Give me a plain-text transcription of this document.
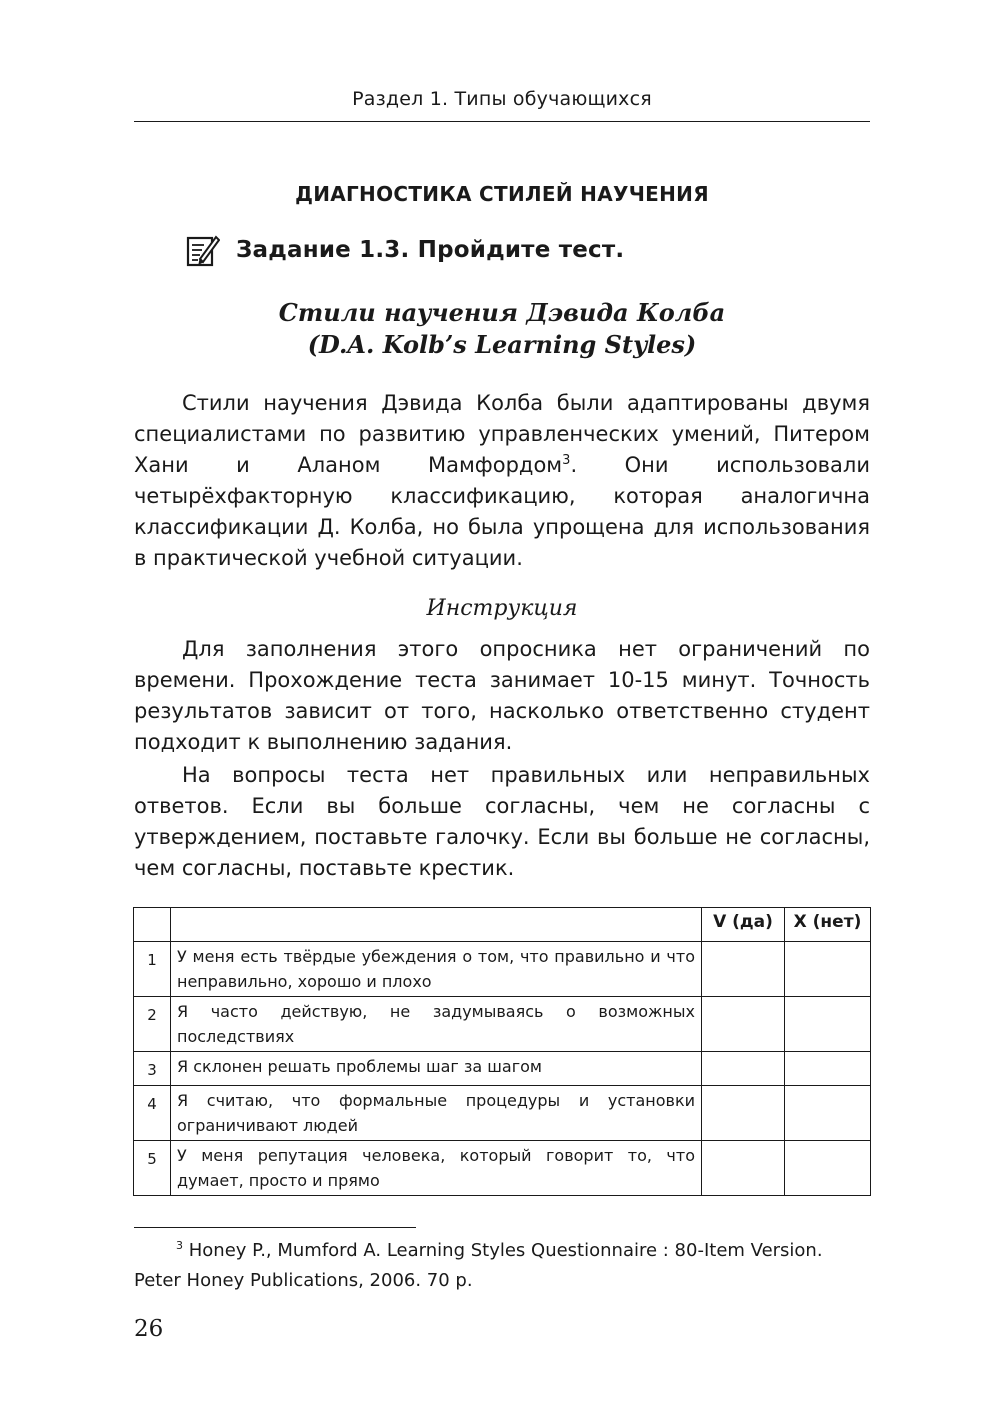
Раздел 1. Типы обучающихся
ДИАГНОСТИКА СТИЛЕЙ НАУЧЕНИЯ
Задание 1.3. Пройдите тест.
Стили научения Дэвида Колба
(D.A. Kolb’s Learning Styles)

Стили научения Дэвида Колба были адаптированы двумя специалистами по развитию управленческих умений, Питером Хани и Аланом Мамфордом$^3$. Они использовали четырёхфакторную классификацию, которая аналогична классификации Д. Колба, но была упрощена для использования в практической учебной ситуации.

Инструкция

Для заполнения этого опросника нет ограничений по времени. Прохождение теста занимает 10-15 минут. Точность результатов зависит от того, насколько ответственно студент подходит к выполнению задания.

На вопросы теста нет правильных или неправильных ответов. Если вы больше согласны, чем не согласны с утверждением, поставьте галочку. Если вы больше не согласны, чем согласны, поставьте крестик.

		V (да)	X (нет)
1	У меня есть твёрдые убеждения о том, что правильно и что неправильно, хорошо и плохо		
2	Я часто действую, не задумываясь о возможных последствиях		
3	Я склонен решать проблемы шаг за шагом		
4	Я считаю, что формальные процедуры и установки ограничивают людей		
5	У меня репутация человека, который говорит то, что думает, просто и прямо		

$^3$ Honey P., Mumford A. Learning Styles Questionnaire : 80-Item Version. Peter Honey Publications, 2006. 70 p.

26
